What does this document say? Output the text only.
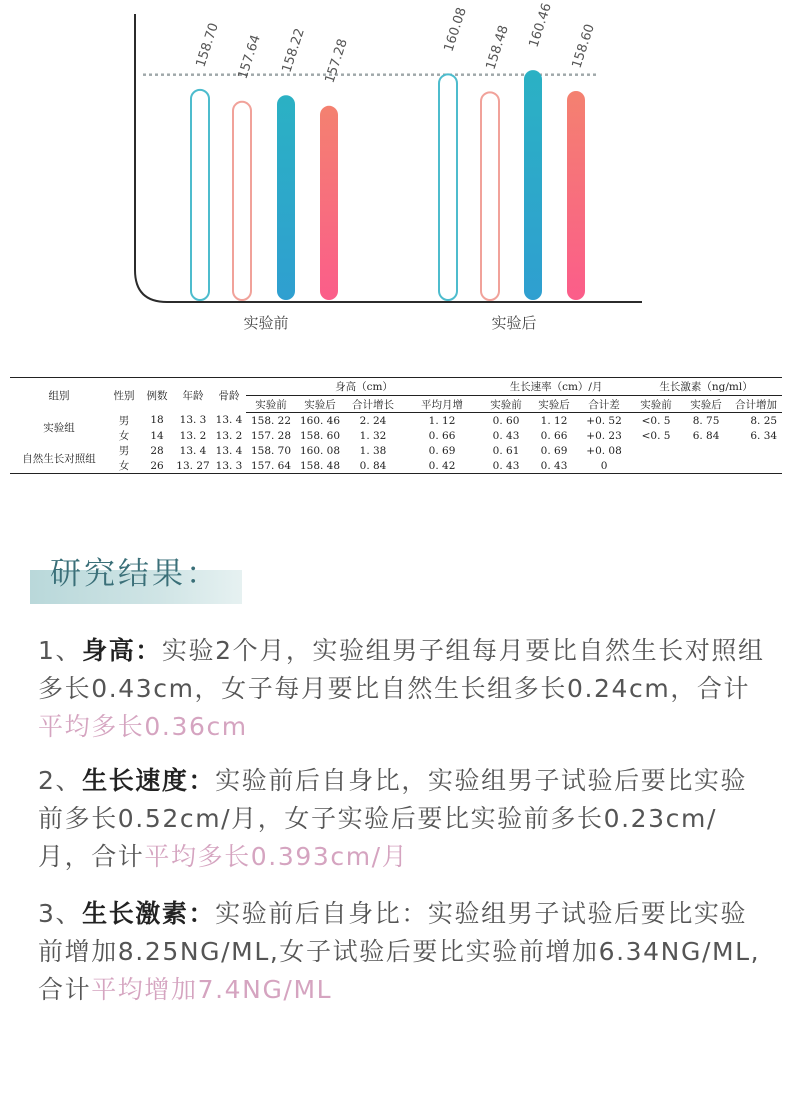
158.70 157.64 158.22 157.28
160.08 158.48 160.46 158.60
实验前	实验后
组别	性别	例数	年龄	骨龄	身高（cm）				生长速率（cm）/月			生长激素（ng/ml）		
					实验前	实验后	合计增长	平均月增	实验前	实验后	合计差	实验前	实验后	合计增加
实验组	男	18	13. 3	13. 4	158. 22	160. 46	2. 24	1. 12	0. 60	1. 12	+0. 52	<0. 5	8. 75	8. 25
	女	14	13. 2	13. 2	157. 28	158. 60	1. 32	0. 66	0. 43	0. 66	+0. 23	<0. 5	6. 84	6. 34
自然生长对照组	男	28	13. 4	13. 4	158. 70	160. 08	1. 38	0. 69	0. 61	0. 69	+0. 08			
	女	26	13. 27	13. 3	157. 64	158. 48	0. 84	0. 42	0. 43	0. 43	0			
研究结果：
1、身高：实验2个月，实验组男子组每月要比自然生长对照组多长0.43cm，女子每月要比自然生长组多长0.24cm，合计平均多长0.36cm
2、生长速度：实验前后自身比，实验组男子试验后要比实验前多长0.52cm/月，女子实验后要比实验前多长0.23cm/月，合计平均多长0.393cm/月
3、生长激素：实验前后自身比：实验组男子试验后要比实验前增加8.25NG/ML,女子试验后要比实验前增加6.34NG/ML,合计平均增加7.4NG/ML
